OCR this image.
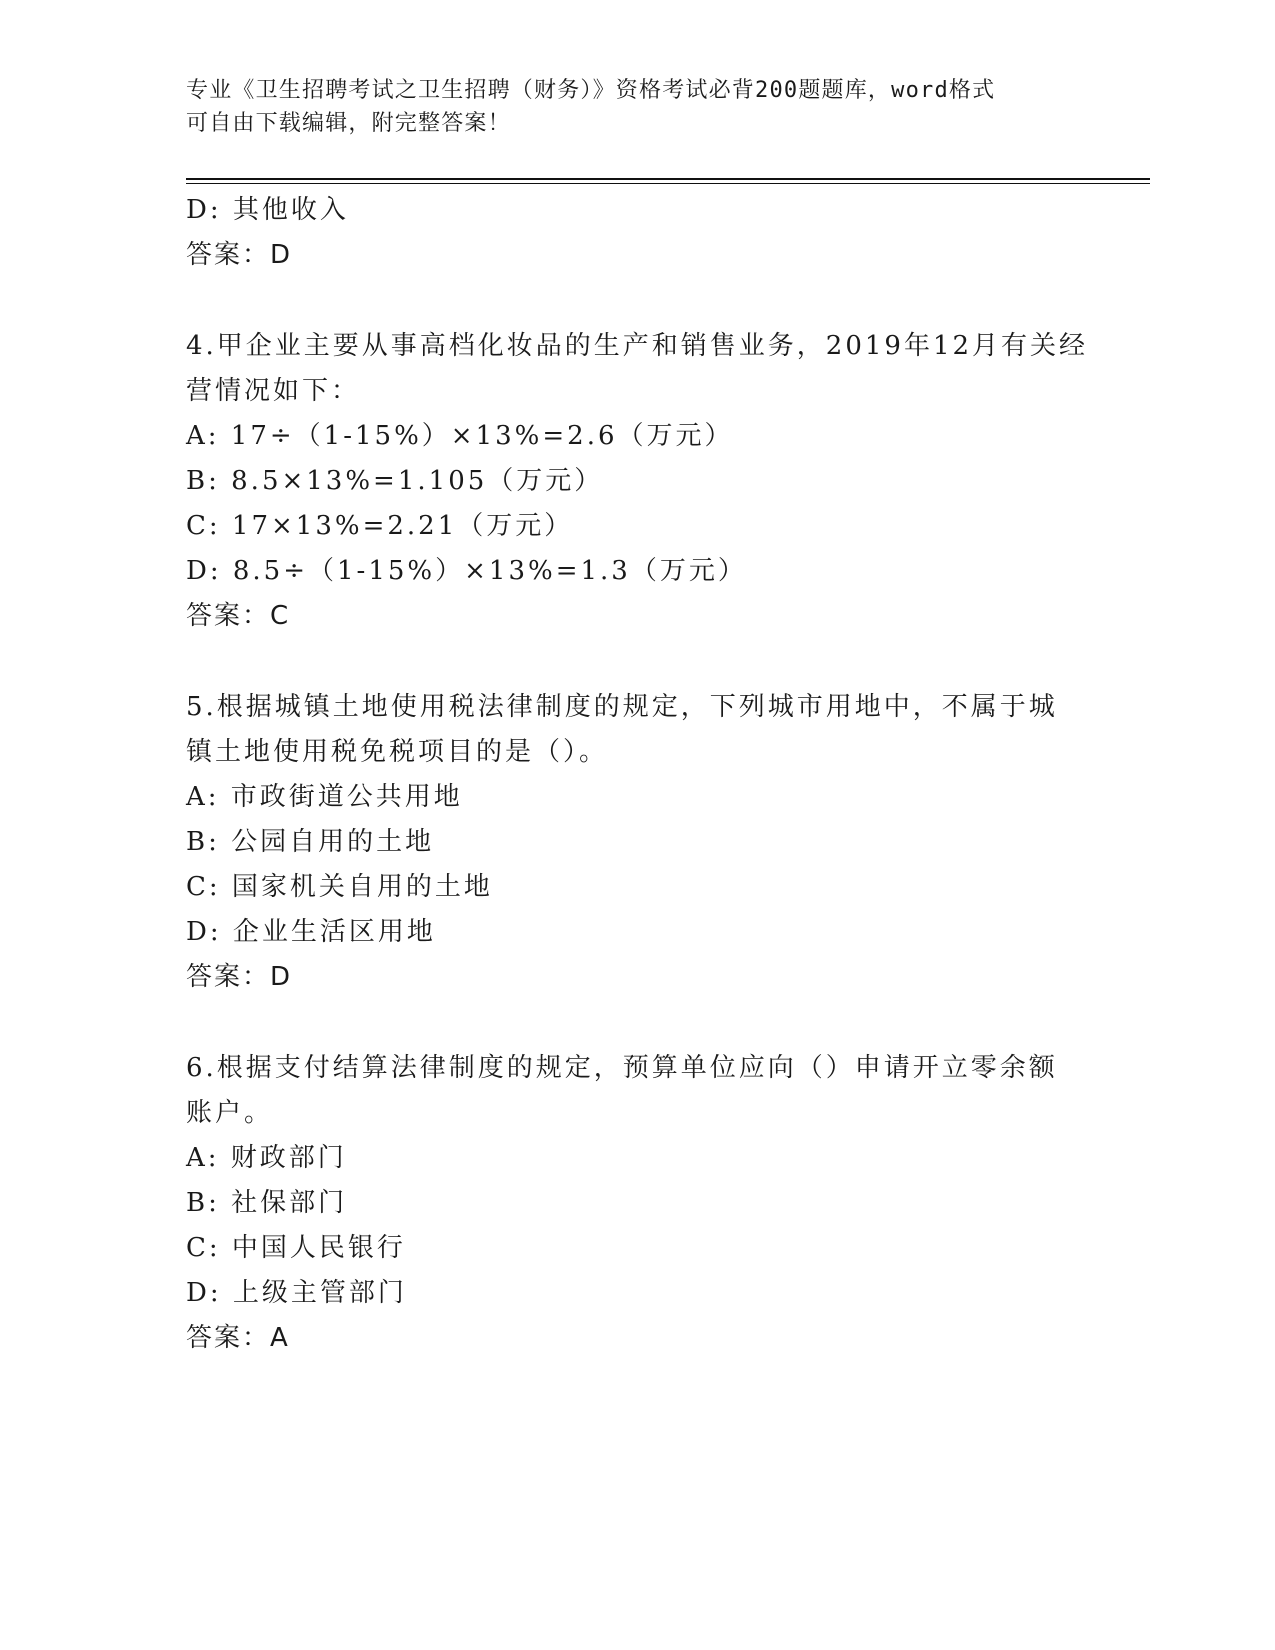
专业《卫生招聘考试之卫生招聘（财务）》资格考试必背200题题库，word格式
可自由下载编辑，附完整答案！
D: 其他收入
答案：D
4.甲企业主要从事高档化妆品的生产和销售业务，2019年12月有关经
营情况如下：
A: 17÷（1-15%）×13%=2.6（万元）
B: 8.5×13%=1.105（万元）
C: 17×13%=2.21（万元）
D: 8.5÷（1-15%）×13%=1.3（万元）
答案：C
5.根据城镇土地使用税法律制度的规定，下列城市用地中，不属于城
镇土地使用税免税项目的是（）。
A: 市政街道公共用地
B: 公园自用的土地
C: 国家机关自用的土地
D: 企业生活区用地
答案：D
6.根据支付结算法律制度的规定，预算单位应向（）申请开立零余额
账户。
A: 财政部门
B: 社保部门
C: 中国人民银行
D: 上级主管部门
答案：A
